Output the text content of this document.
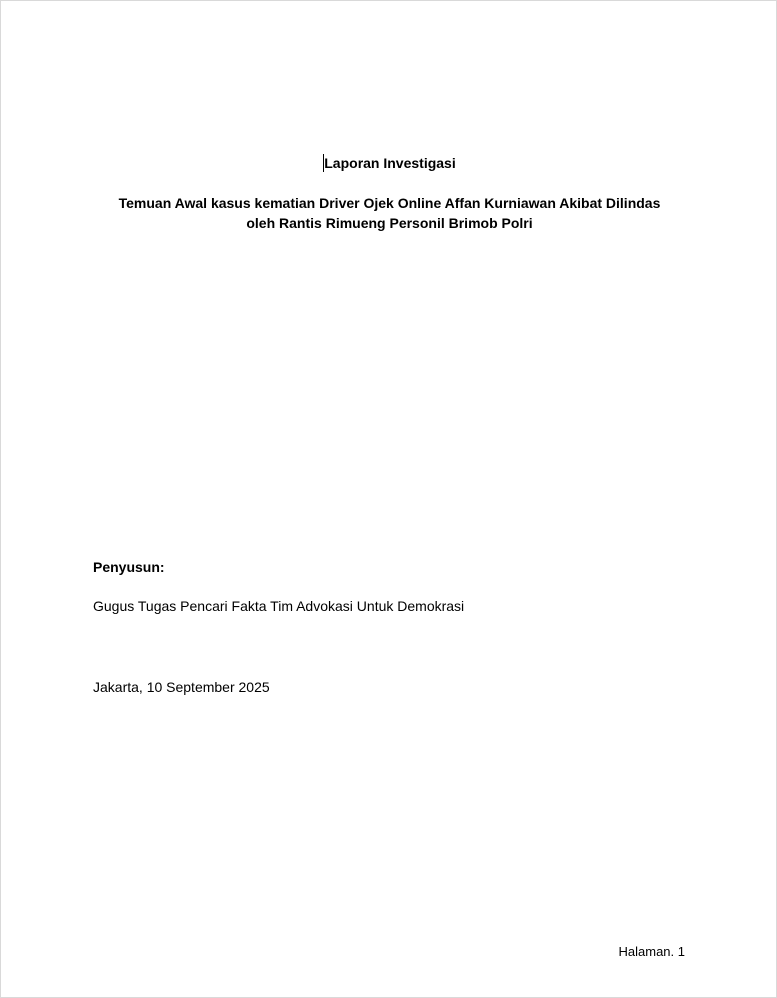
Laporan Investigasi
Temuan Awal kasus kematian Driver Ojek Online Affan Kurniawan Akibat Dilindas
oleh Rantis Rimueng Personil Brimob Polri
Penyusun:
Gugus Tugas Pencari Fakta Tim Advokasi Untuk Demokrasi
Jakarta, 10 September 2025
Halaman. 1
